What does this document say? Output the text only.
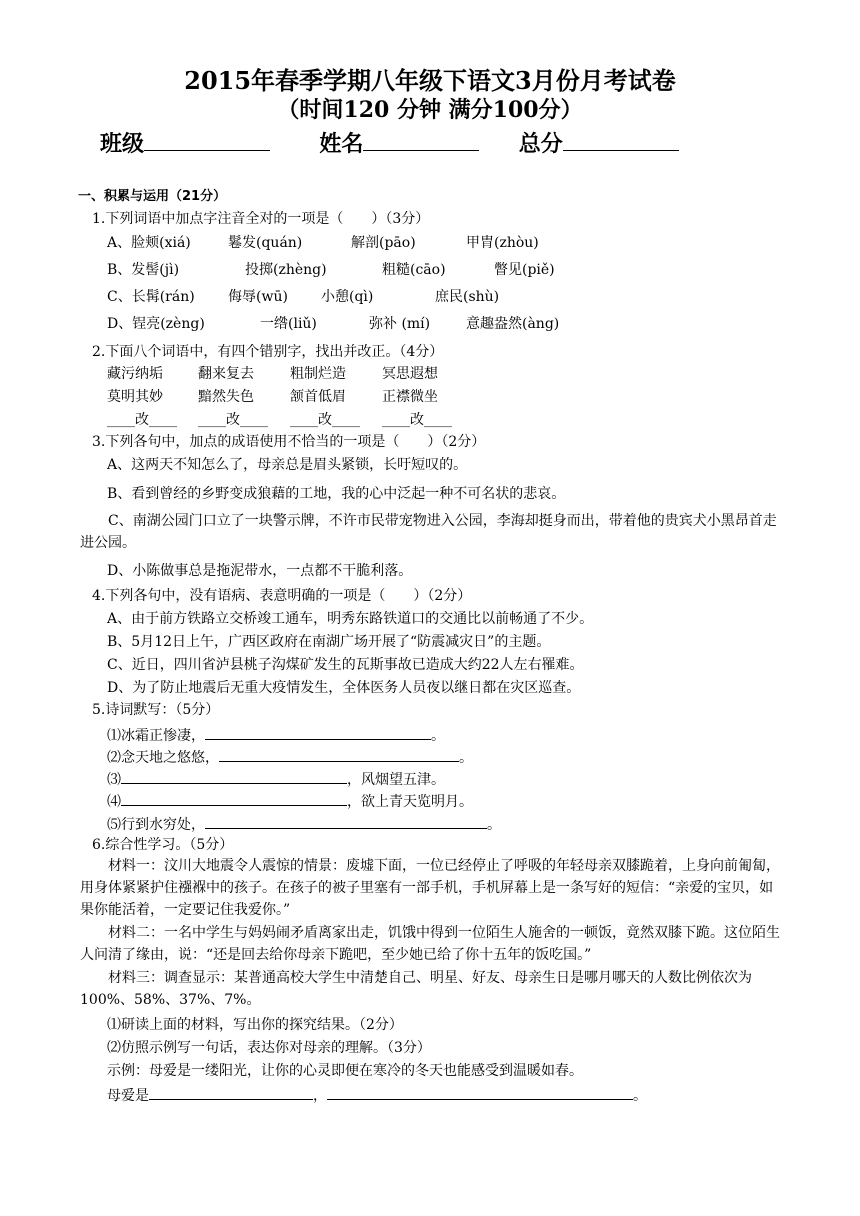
2015年春季学期八年级下语文3月份月考试卷
（时间120 分钟 满分100分）
班级	姓名	总分
一、积累与运用（21分）
1.下列词语中加点字注音全对的一项是（　　）（3分）
A、脸颊(xiá)	鬈发(quán)	解剖(pāo)	甲胄(zhòu)
B、发髻(jì)	投掷(zhèng)	粗糙(cāo)	瞥见(piě)
C、长髯(rán) 侮辱(wū) 小憩(qì)	庶民(shù)
D、锃亮(zèng)	一绺(liǔ)	弥补 (mí)	意趣盎然(àng)
2.下面八个词语中，有四个错别字，找出并改正。（4分）
藏污纳垢	翻来复去	粗制烂造	冥思遐想
莫明其妙	黯然失色	颔首低眉	正襟微坐
____改____ ____改____ ____改____ ____改____
3.下列各句中，加点的成语使用不恰当的一项是（　　）（2分）
A、这两天不知怎么了，母亲总是眉头紧锁，长吁短叹的。
B、看到曾经的乡野变成狼藉的工地，我的心中泛起一种不可名状的悲哀。
C、南湖公园门口立了一块警示牌，不许市民带宠物进入公园，李海却挺身而出，带着他的贵宾犬小黑昂首走进公园。
D、小陈做事总是拖泥带水，一点都不干脆利落。
4.下列各句中，没有语病、表意明确的一项是（　　）（2分）
A、由于前方铁路立交桥竣工通车，明秀东路铁道口的交通比以前畅通了不少。
B、5月12日上午，广西区政府在南湖广场开展了“防震减灾日”的主题。
C、近日，四川省泸县桃子沟煤矿发生的瓦斯事故已造成大约22人左右罹难。
D、为了防止地震后无重大疫情发生，全体医务人员夜以继日都在灾区巡查。
5.诗词默写：（5分）
⑴冰霜正惨凄，	。
⑵念天地之悠悠，	。
⑶	，风烟望五津。
⑷	，欲上青天览明月。
⑸行到水穷处，	。
6.综合性学习。（5分）
材料一：汶川大地震令人震惊的情景：废墟下面，一位已经停止了呼吸的年轻母亲双膝跪着，上身向前匍匐，用身体紧紧护住襁褓中的孩子。在孩子的被子里塞有一部手机，手机屏幕上是一条写好的短信：“亲爱的宝贝，如果你能活着，一定要记住我爱你。”
材料二：一名中学生与妈妈闹矛盾离家出走，饥饿中得到一位陌生人施舍的一顿饭，竟然双膝下跪。这位陌生人问清了缘由，说：“还是回去给你母亲下跪吧，至少她已给了你十五年的饭吃国。”
材料三：调查显示：某普通高校大学生中清楚自己、明星、好友、母亲生日是哪月哪天的人数比例依次为100%、58%、37%、7%。
⑴研读上面的材料，写出你的探究结果。（2分）
⑵仿照示例写一句话，表达你对母亲的理解。（3分）
示例：母爱是一缕阳光，让你的心灵即便在寒冷的冬天也能感受到温暖如春。
母爱是	，	。
